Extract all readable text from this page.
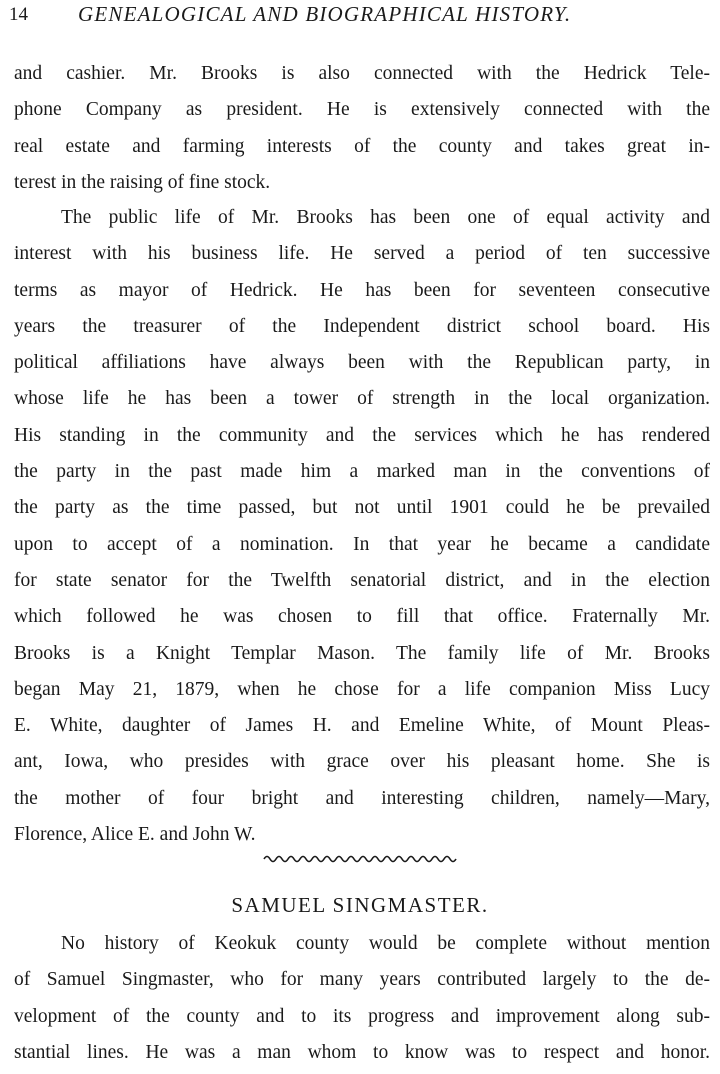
14 GENEALOGICAL AND BIOGRAPHICAL HISTORY.
and cashier. Mr. Brooks is also connected with the Hedrick Tele-
phone Company as president. He is extensively connected with the
real estate and farming interests of the county and takes great in-
terest in the raising of fine stock.
The public life of Mr. Brooks has been one of equal activity and
interest with his business life. He served a period of ten successive
terms as mayor of Hedrick. He has been for seventeen consecutive
years the treasurer of the Independent district school board. His
political affiliations have always been with the Republican party, in
whose life he has been a tower of strength in the local organization.
His standing in the community and the services which he has rendered
the party in the past made him a marked man in the conventions of
the party as the time passed, but not until 1901 could he be prevailed
upon to accept of a nomination. In that year he became a candidate
for state senator for the Twelfth senatorial district, and in the election
which followed he was chosen to fill that office. Fraternally Mr.
Brooks is a Knight Templar Mason. The family life of Mr. Brooks
began May 21, 1879, when he chose for a life companion Miss Lucy
E. White, daughter of James H. and Emeline White, of Mount Pleas-
ant, Iowa, who presides with grace over his pleasant home. She is
the mother of four bright and interesting children, namely—Mary,
Florence, Alice E. and John W.
SAMUEL SINGMASTER.
No history of Keokuk county would be complete without mention
of Samuel Singmaster, who for many years contributed largely to the de-
velopment of the county and to its progress and improvement along sub-
stantial lines. He was a man whom to know was to respect and honor.
